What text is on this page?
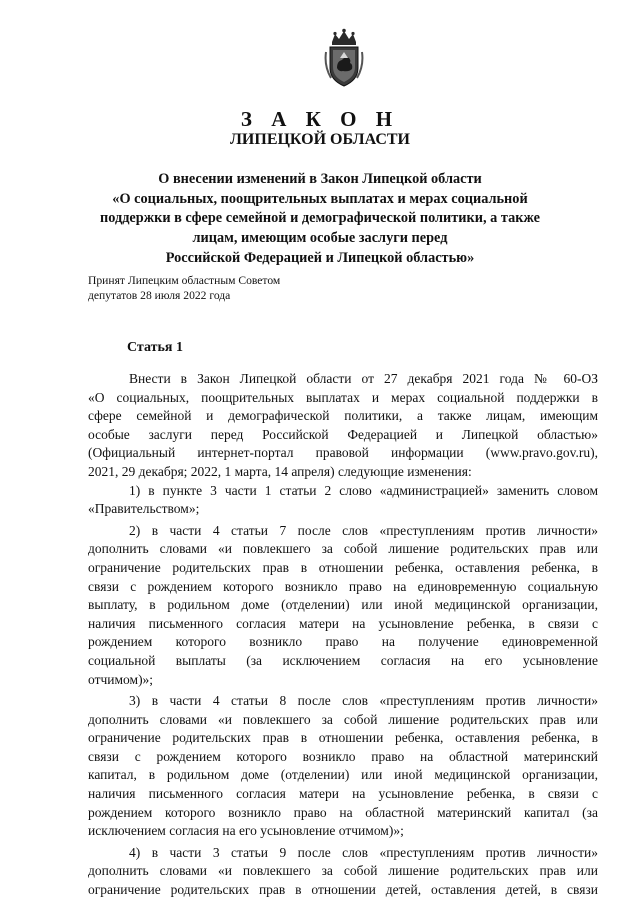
З А К О Н
ЛИПЕЦКОЙ ОБЛАСТИ
О внесении изменений в Закон Липецкой области
«О социальных, поощрительных выплатах и мерах социальной
поддержки в сфере семейной и демографической политики, а также
лицам, имеющим особые заслуги перед
Российской Федерацией и Липецкой областью»
Принят Липецким областным Советом
депутатов 28 июля 2022 года
Статья 1
Внести в Закон Липецкой области от 27 декабря 2021 года № 60-ОЗ
«О социальных, поощрительных выплатах и мерах социальной поддержки в
сфере семейной и демографической политики, а также лицам, имеющим
особые заслуги перед Российской Федерацией и Липецкой областью»
(Официальный интернет-портал правовой информации (www.pravo.gov.ru),
2021, 29 декабря; 2022, 1 марта, 14 апреля) следующие изменения:
1) в пункте 3 части 1 статьи 2 слово «администрацией» заменить словом
«Правительством»;
2) в части 4 статьи 7 после слов «преступлениям против личности»
дополнить словами «и повлекшего за собой лишение родительских прав или
ограничение родительских прав в отношении ребенка, оставления ребенка, в
связи с рождением которого возникло право на единовременную социальную
выплату, в родильном доме (отделении) или иной медицинской организации,
наличия письменного согласия матери на усыновление ребенка, в связи с
рождением которого возникло право на получение единовременной
социальной выплаты (за исключением согласия на его усыновление
отчимом)»;
3) в части 4 статьи 8 после слов «преступлениям против личности»
дополнить словами «и повлекшего за собой лишение родительских прав или
ограничение родительских прав в отношении ребенка, оставления ребенка, в
связи с рождением которого возникло право на областной материнский
капитал, в родильном доме (отделении) или иной медицинской организации,
наличия письменного согласия матери на усыновление ребенка, в связи с
рождением которого возникло право на областной материнский капитал (за
исключением согласия на его усыновление отчимом)»;
4) в части 3 статьи 9 после слов «преступлениям против личности»
дополнить словами «и повлекшего за собой лишение родительских прав или
ограничение родительских прав в отношении детей, оставления детей, в связи
